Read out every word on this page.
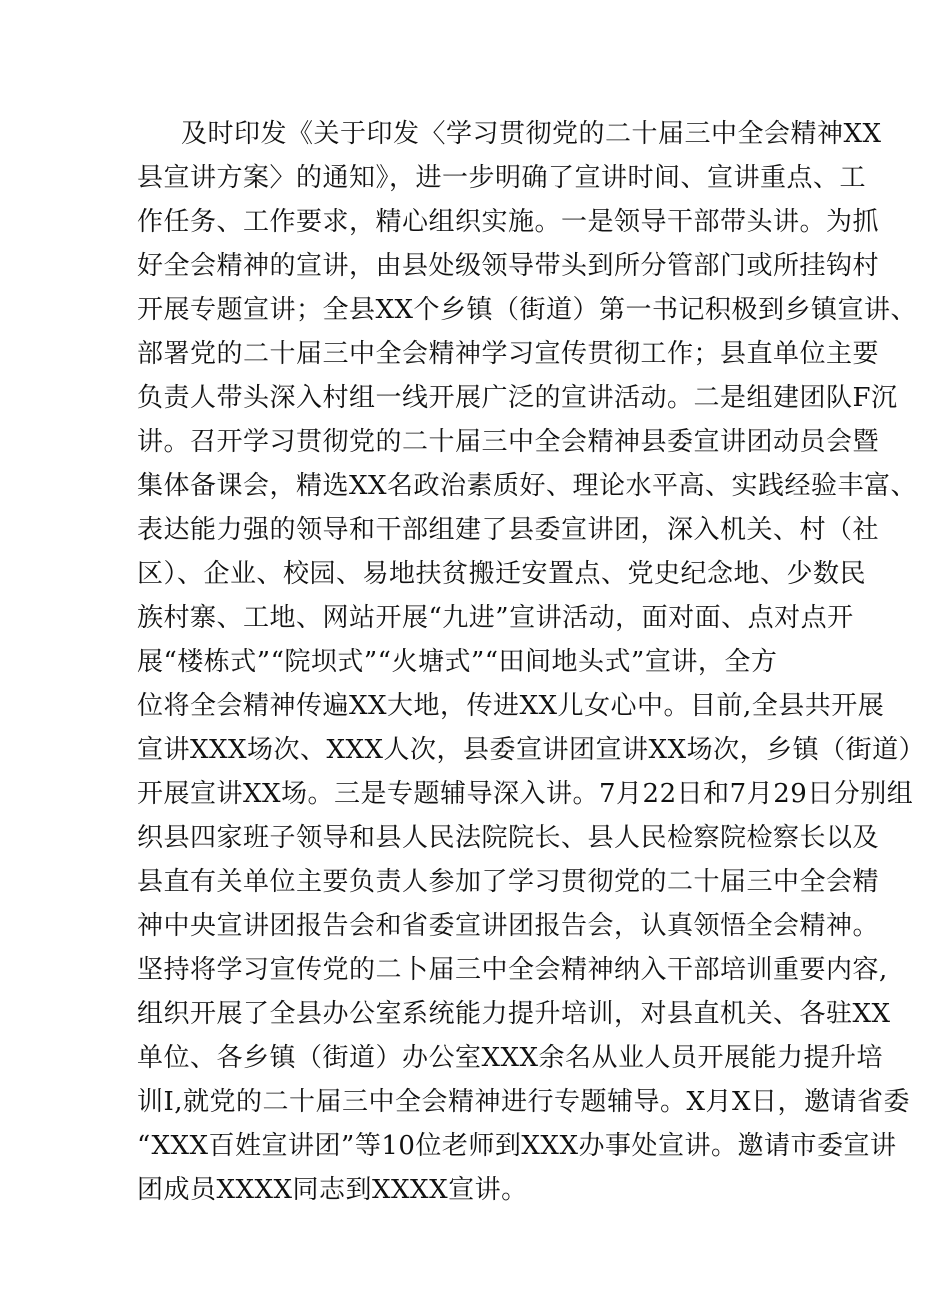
及时印发《关于印发〈学习贯彻党的二十届三中全会精神XX
县宣讲方案〉的通知》，进一步明确了宣讲时间、宣讲重点、工
作任务、工作要求，精心组织实施。一是领导干部带头讲。为抓
好全会精神的宣讲，由县处级领导带头到所分管部门或所挂钩村
开展专题宣讲；全县XX个乡镇（街道）第一书记积极到乡镇宣讲、
部署党的二十届三中全会精神学习宣传贯彻工作；县直单位主要
负责人带头深入村组一线开展广泛的宣讲活动。二是组建团队F沉
讲。召开学习贯彻党的二十届三中全会精神县委宣讲团动员会暨
集体备课会，精选XX名政治素质好、理论水平高、实践经验丰富、
表达能力强的领导和干部组建了县委宣讲团，深入机关、村（社
区）、企业、校园、易地扶贫搬迁安置点、党史纪念地、少数民
族村寨、工地、网站开展“九进”宣讲活动，面对面、点对点开
展“楼栋式”“院坝式”“火塘式”“田间地头式”宣讲，全方
位将全会精神传遍XX大地，传进XX儿女心中。目前,全县共开展
宣讲XXX场次、XXX人次，县委宣讲团宣讲XX场次，乡镇（街道）
开展宣讲XX场。三是专题辅导深入讲。7月22日和7月29日分别组
织县四家班子领导和县人民法院院长、县人民检察院检察长以及
县直有关单位主要负责人参加了学习贯彻党的二十届三中全会精
神中央宣讲团报告会和省委宣讲团报告会，认真领悟全会精神。
坚持将学习宣传党的二卜届三中全会精神纳入干部培训重要内容,
组织开展了全县办公室系统能力提升培训，对县直机关、各驻XX
单位、各乡镇（街道）办公室XXX余名从业人员开展能力提升培
训I,就党的二十届三中全会精神进行专题辅导。X月X日，邀请省委
“XXX百姓宣讲团”等10位老师到XXX办事处宣讲。邀请市委宣讲
团成员XXXX同志到XXXX宣讲。
